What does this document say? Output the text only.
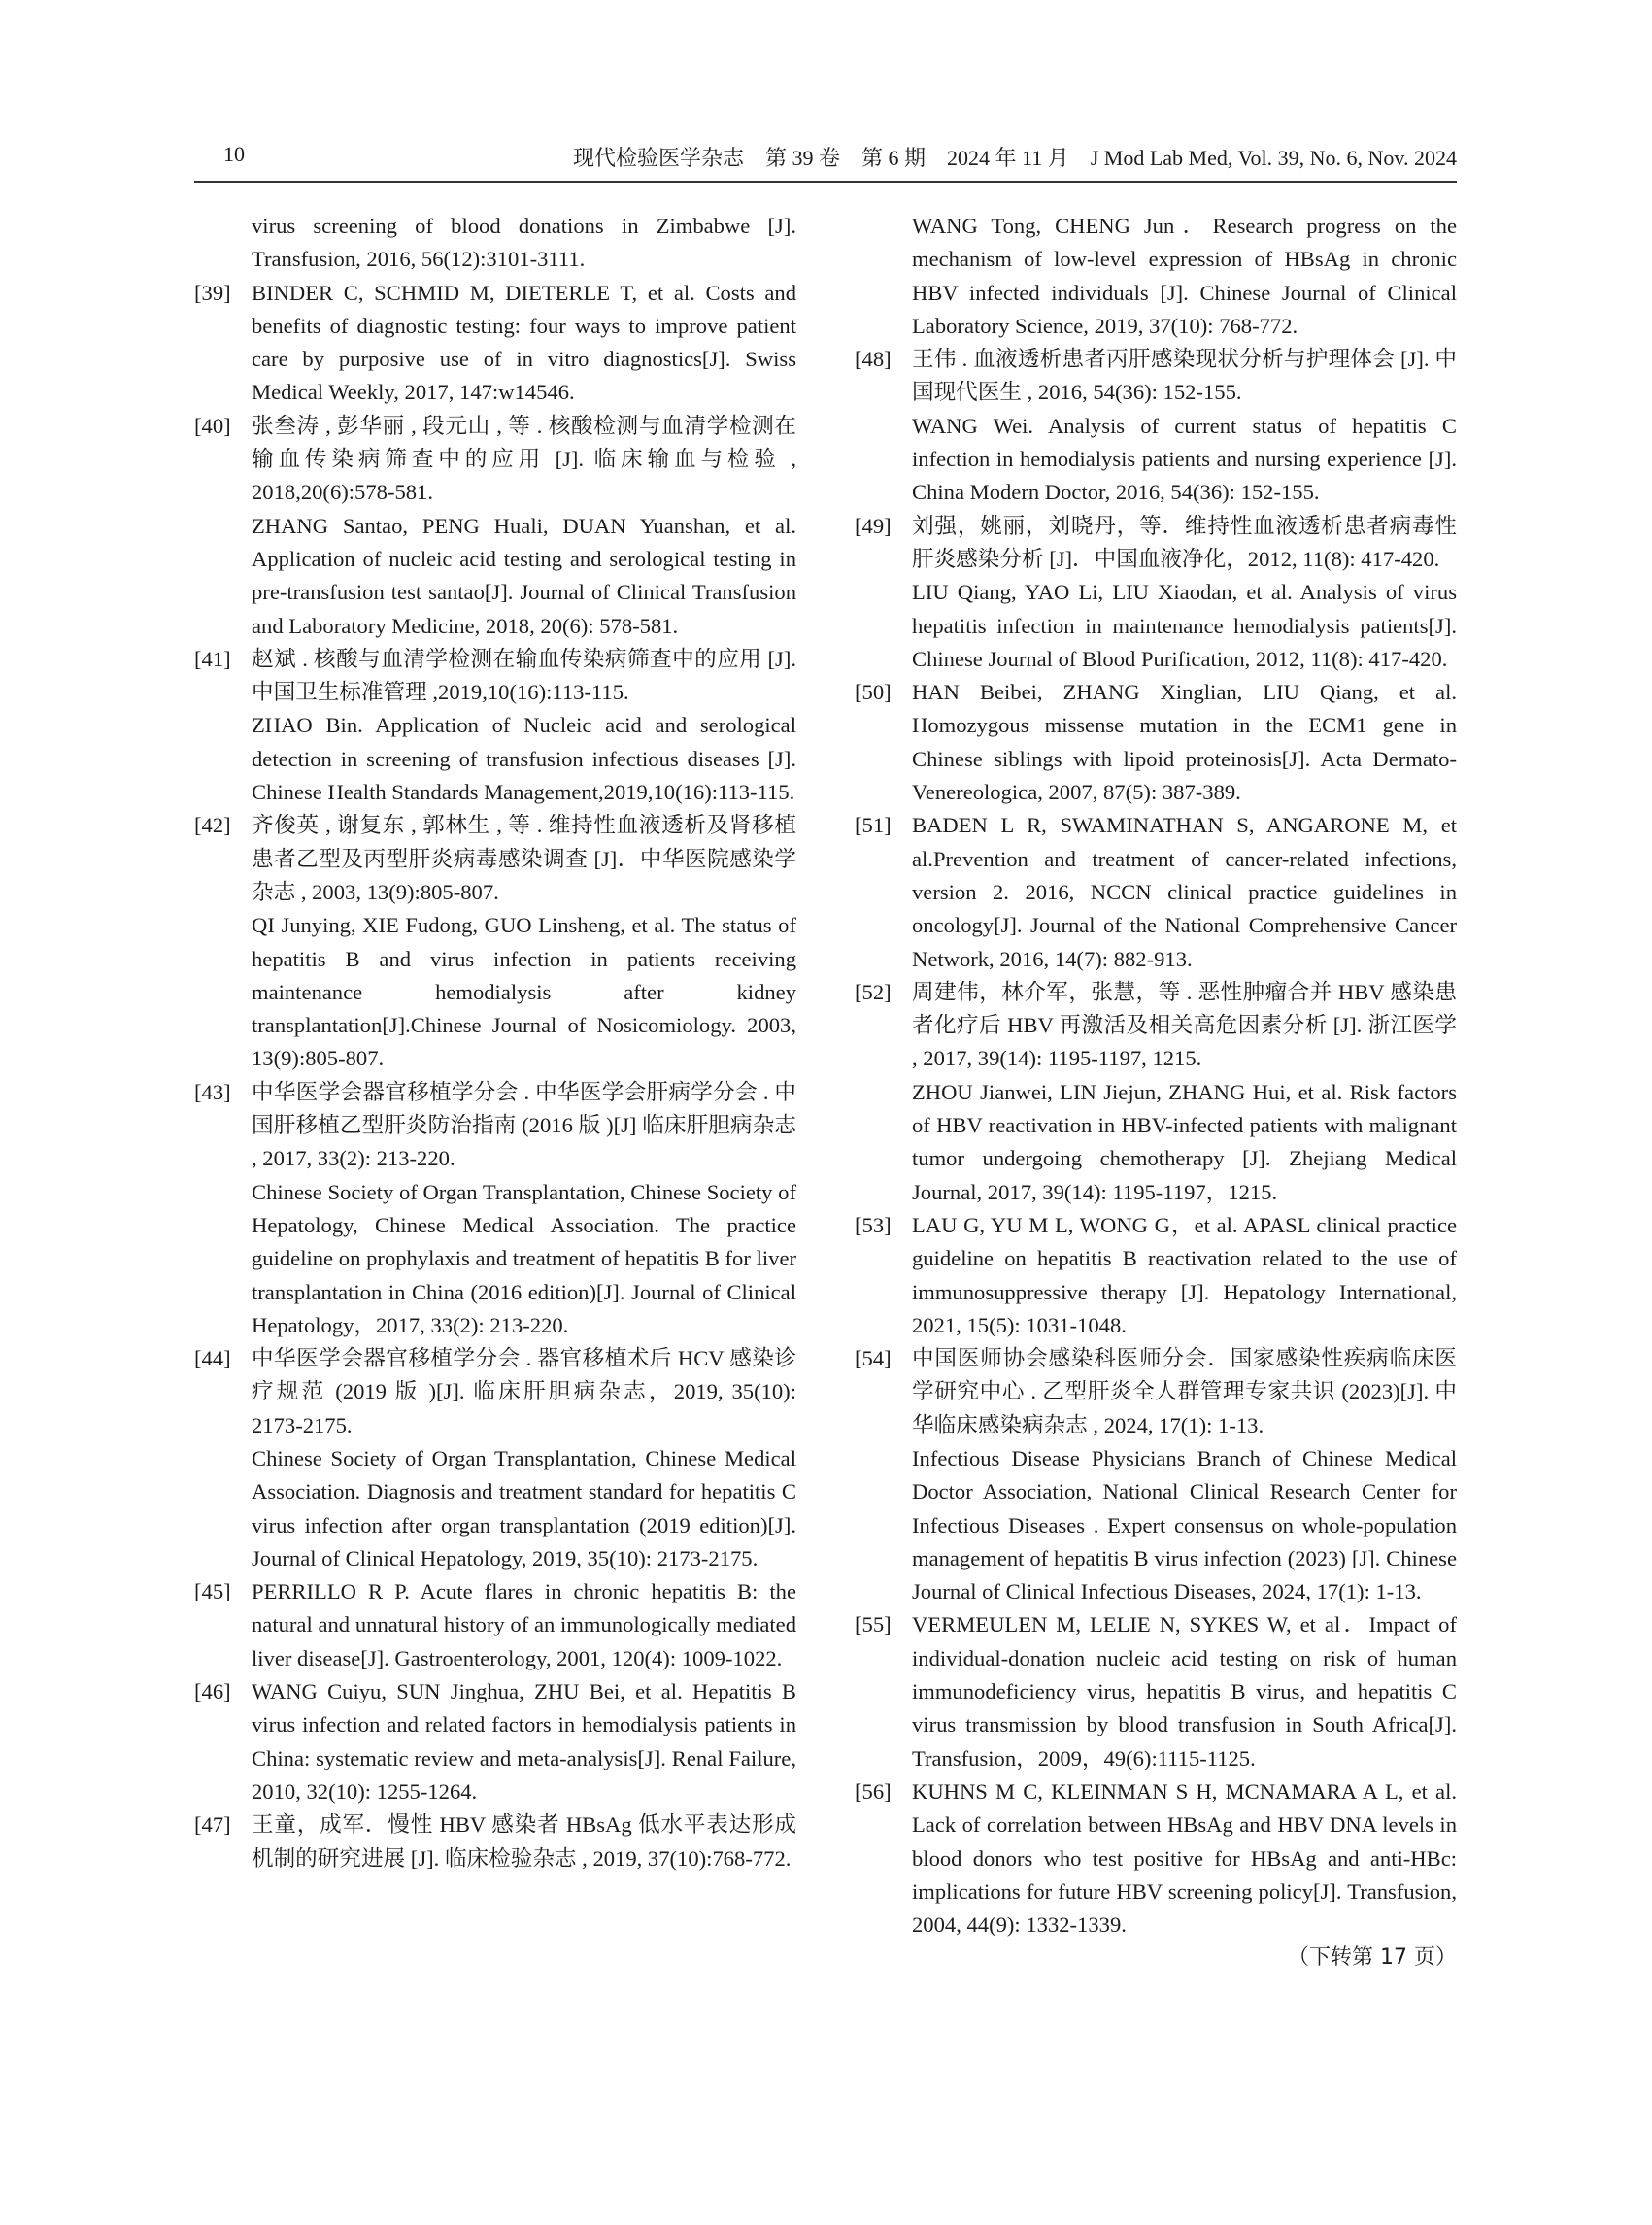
10	现代检验医学杂志　第 39 卷　第 6 期　2024 年 11 月　J Mod Lab Med, Vol. 39, No. 6, Nov. 2024
virus screening of blood donations in Zimbabwe [J]. Transfusion, 2016, 56(12):3101-3111.
[39] BINDER C, SCHMID M, DIETERLE T, et al. Costs and benefits of diagnostic testing: four ways to improve patient care by purposive use of in vitro diagnostics[J]. Swiss Medical Weekly, 2017, 147:w14546.
[40] 张叁涛 , 彭华丽 , 段元山 , 等 . 核酸检测与血清学检测在输血传染病筛查中的应用 [J]. 临床输血与检验 , 2018,20(6):578-581.
ZHANG Santao, PENG Huali, DUAN Yuanshan, et al. Application of nucleic acid testing and serological testing in pre-transfusion test santao[J]. Journal of Clinical Transfusion and Laboratory Medicine, 2018, 20(6): 578-581.
[41] 赵斌 . 核酸与血清学检测在输血传染病筛查中的应用 [J]. 中国卫生标准管理 ,2019,10(16):113-115.
ZHAO Bin. Application of Nucleic acid and serological detection in screening of transfusion infectious diseases [J]. Chinese Health Standards Management,2019,10(16):113-115.
[42] 齐俊英 , 谢复东 , 郭林生 , 等 . 维持性血液透析及肾移植患者乙型及丙型肝炎病毒感染调查 [J]．中华医院感染学杂志 , 2003, 13(9):805-807.
QI Junying, XIE Fudong, GUO Linsheng, et al. The status of hepatitis B and virus infection in patients receiving maintenance hemodialysis after kidney transplantation[J].Chinese Journal of Nosicomiology. 2003, 13(9):805-807.
[43] 中华医学会器官移植学分会 . 中华医学会肝病学分会 . 中国肝移植乙型肝炎防治指南 (2016 版 )[J] 临床肝胆病杂志 , 2017, 33(2): 213-220.
Chinese Society of Organ Transplantation, Chinese Society of Hepatology, Chinese Medical Association. The practice guideline on prophylaxis and treatment of hepatitis B for liver transplantation in China (2016 edition)[J]. Journal of Clinical Hepatology，2017, 33(2): 213-220.
[44] 中华医学会器官移植学分会 . 器官移植术后 HCV 感染诊疗规范 (2019 版 )[J]. 临床肝胆病杂志，2019, 35(10): 2173-2175.
Chinese Society of Organ Transplantation, Chinese Medical Association. Diagnosis and treatment standard for hepatitis C virus infection after organ transplantation (2019 edition)[J]. Journal of Clinical Hepatology, 2019, 35(10): 2173-2175.
[45] PERRILLO R P. Acute flares in chronic hepatitis B: the natural and unnatural history of an immunologically mediated liver disease[J]. Gastroenterology, 2001, 120(4): 1009-1022.
[46] WANG Cuiyu, SUN Jinghua, ZHU Bei, et al. Hepatitis B virus infection and related factors in hemodialysis patients in China: systematic review and meta-analysis[J]. Renal Failure, 2010, 32(10): 1255-1264.
[47] 王童，成军．慢性 HBV 感染者 HBsAg 低水平表达形成机制的研究进展 [J]. 临床检验杂志 , 2019, 37(10):768-772.
WANG Tong, CHENG Jun．Research progress on the mechanism of low-level expression of HBsAg in chronic HBV infected individuals [J]. Chinese Journal of Clinical Laboratory Science, 2019, 37(10): 768-772.
[48] 王伟 . 血液透析患者丙肝感染现状分析与护理体会 [J]. 中国现代医生 , 2016, 54(36): 152-155.
WANG Wei. Analysis of current status of hepatitis C infection in hemodialysis patients and nursing experience [J]. China Modern Doctor, 2016, 54(36): 152-155.
[49] 刘强，姚丽，刘晓丹，等．维持性血液透析患者病毒性肝炎感染分析 [J]．中国血液净化，2012, 11(8): 417-420.
LIU Qiang, YAO Li, LIU Xiaodan, et al. Analysis of virus hepatitis infection in maintenance hemodialysis patients[J]. Chinese Journal of Blood Purification, 2012, 11(8): 417-420.
[50] HAN Beibei, ZHANG Xinglian, LIU Qiang, et al. Homozygous missense mutation in the ECM1 gene in Chinese siblings with lipoid proteinosis[J]. Acta Dermato-Venereologica, 2007, 87(5): 387-389.
[51] BADEN L R, SWAMINATHAN S, ANGARONE M, et al.Prevention and treatment of cancer-related infections, version 2. 2016, NCCN clinical practice guidelines in oncology[J]. Journal of the National Comprehensive Cancer Network, 2016, 14(7): 882-913.
[52] 周建伟，林介军，张慧，等 . 恶性肿瘤合并 HBV 感染患者化疗后 HBV 再激活及相关高危因素分析 [J]. 浙江医学 , 2017, 39(14): 1195-1197, 1215.
ZHOU Jianwei, LIN Jiejun, ZHANG Hui, et al. Risk factors of HBV reactivation in HBV-infected patients with malignant tumor undergoing chemotherapy [J]. Zhejiang Medical Journal, 2017, 39(14): 1195-1197，1215.
[53] LAU G, YU M L, WONG G，et al. APASL clinical practice guideline on hepatitis B reactivation related to the use of immunosuppressive therapy [J]. Hepatology International, 2021, 15(5): 1031-1048.
[54] 中国医师协会感染科医师分会．国家感染性疾病临床医学研究中心 . 乙型肝炎全人群管理专家共识 (2023)[J]. 中华临床感染病杂志 , 2024, 17(1): 1-13.
Infectious Disease Physicians Branch of Chinese Medical Doctor Association, National Clinical Research Center for Infectious Diseases . Expert consensus on whole-population management of hepatitis B virus infection (2023) [J]. Chinese Journal of Clinical Infectious Diseases, 2024, 17(1): 1-13.
[55] VERMEULEN M, LELIE N, SYKES W, et al．Impact of individual-donation nucleic acid testing on risk of human immunodeficiency virus, hepatitis B virus, and hepatitis C virus transmission by blood transfusion in South Africa[J]. Transfusion，2009，49(6):1115-1125.
[56] KUHNS M C, KLEINMAN S H, MCNAMARA A L, et al. Lack of correlation between HBsAg and HBV DNA levels in blood donors who test positive for HBsAg and anti-HBc: implications for future HBV screening policy[J]. Transfusion, 2004, 44(9): 1332-1339.
（下转第 17 页）
